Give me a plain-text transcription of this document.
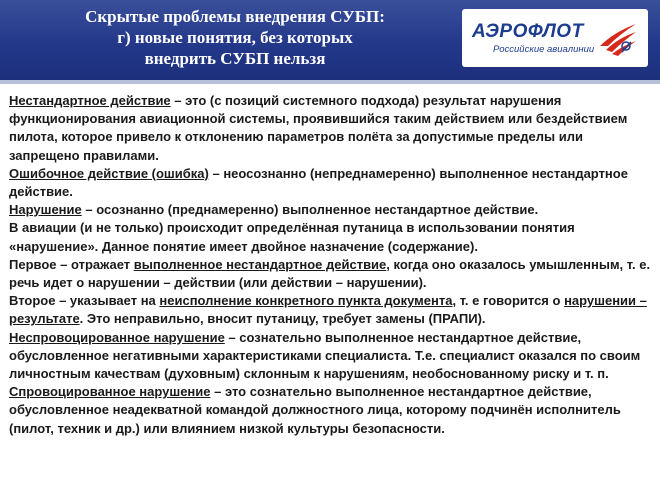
Скрытые проблемы внедрения СУБП:
г) новые понятия, без которых
внедрить СУБП нельзя
АЭРОФЛОТ
Российские авиалинии

Нестандартное действие – это (с позиций системного подхода) результат нарушения функционирования авиационной системы, проявившийся таким действием или бездействием пилота, которое привело к отклонению параметров полёта за допустимые пределы или запрещено правилами.

Ошибочное действие (ошибка) – неосознанно (непреднамеренно) выполненное нестандартное действие.

Нарушение – осознанно (преднамеренно) выполненное нестандартное действие.

В авиации (и не только) происходит определённая путаница в использовании понятия «нарушение». Данное понятие имеет двойное назначение (содержание).

Первое – отражает выполненное нестандартное действие, когда оно оказалось умышленным, т. е. речь идет о нарушении – действии (или действии – нарушении).

Второе – указывает на неисполнение конкретного пункта документа, т. е говорится о нарушении – результате. Это неправильно, вносит путаницу, требует замены (ПРАПИ).

Неспровоцированное нарушение – сознательно выполненное нестандартное действие, обусловленное негативными характеристиками специалиста. Т.е. специалист оказался по своим личностным качествам (духовным) склонным к нарушениям, необоснованному риску и т. п.

Спровоцированное нарушение – это сознательно выполненное нестандартное действие, обусловленное неадекватной командой должностного лица, которому подчинён исполнитель (пилот, техник и др.) или влиянием низкой культуры безопасности.
